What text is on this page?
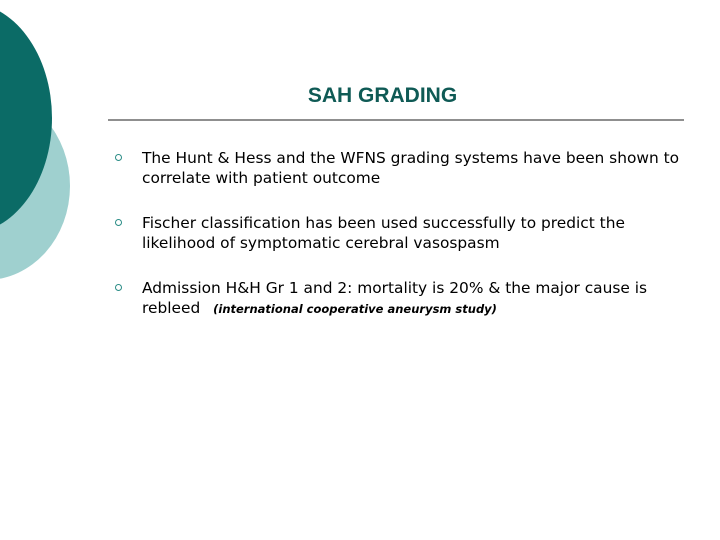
SAH GRADING
The Hunt & Hess and the WFNS grading systems have been shown to correlate with patient outcome
Fischer classification has been used successfully to predict the likelihood of symptomatic cerebral vasospasm
Admission H&H Gr 1 and 2: mortality is 20% & the major cause is rebleed (international cooperative aneurysm study)
